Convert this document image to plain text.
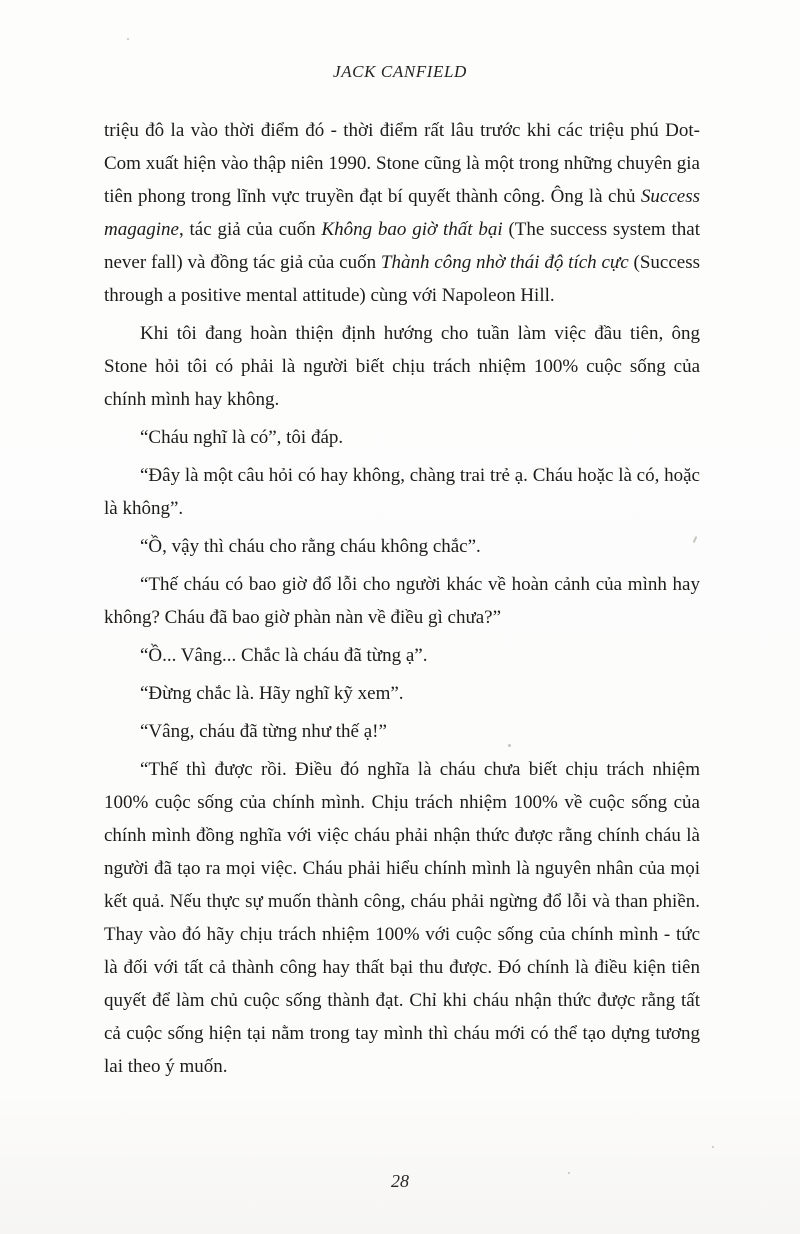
JACK CANFIELD

triệu đô la vào thời điểm đó - thời điểm rất lâu trước khi các triệu phú Dot-Com xuất hiện vào thập niên 1990. Stone cũng là một trong những chuyên gia tiên phong trong lĩnh vực truyền đạt bí quyết thành công. Ông là chủ Success magagine, tác giả của cuốn Không bao giờ thất bại (The success system that never fall) và đồng tác giả của cuốn Thành công nhờ thái độ tích cực (Success through a positive mental attitude) cùng với Napoleon Hill.

Khi tôi đang hoàn thiện định hướng cho tuần làm việc đầu tiên, ông Stone hỏi tôi có phải là người biết chịu trách nhiệm 100% cuộc sống của chính mình hay không.

“Cháu nghĩ là có”, tôi đáp.

“Đây là một câu hỏi có hay không, chàng trai trẻ ạ. Cháu hoặc là có, hoặc là không”.

“Ồ, vậy thì cháu cho rằng cháu không chắc”.

“Thế cháu có bao giờ đổ lỗi cho người khác về hoàn cảnh của mình hay không? Cháu đã bao giờ phàn nàn về điều gì chưa?”

“Ồ... Vâng... Chắc là cháu đã từng ạ”.

“Đừng chắc là. Hãy nghĩ kỹ xem”.

“Vâng, cháu đã từng như thế ạ!”

“Thế thì được rồi. Điều đó nghĩa là cháu chưa biết chịu trách nhiệm 100% cuộc sống của chính mình. Chịu trách nhiệm 100% về cuộc sống của chính mình đồng nghĩa với việc cháu phải nhận thức được rằng chính cháu là người đã tạo ra mọi việc. Cháu phải hiểu chính mình là nguyên nhân của mọi kết quả. Nếu thực sự muốn thành công, cháu phải ngừng đổ lỗi và than phiền. Thay vào đó hãy chịu trách nhiệm 100% với cuộc sống của chính mình - tức là đối với tất cả thành công hay thất bại thu được. Đó chính là điều kiện tiên quyết để làm chủ cuộc sống thành đạt. Chỉ khi cháu nhận thức được rằng tất cả cuộc sống hiện tại nằm trong tay mình thì cháu mới có thể tạo dựng tương lai theo ý muốn.

28
